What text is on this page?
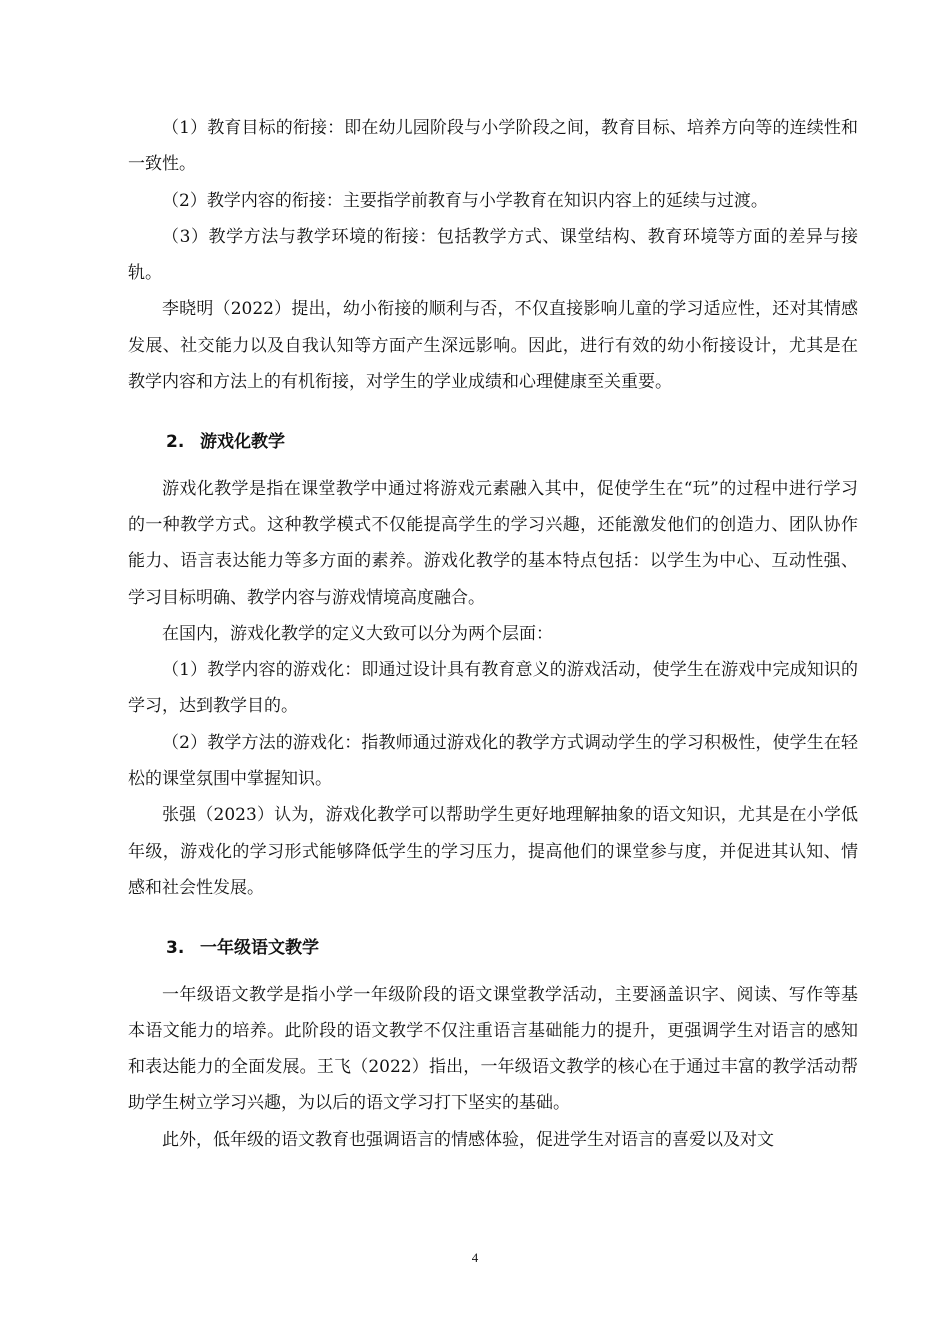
（1）教育目标的衔接：即在幼儿园阶段与小学阶段之间，教育目标、培养方向等的连续性和一致性。

（2）教学内容的衔接：主要指学前教育与小学教育在知识内容上的延续与过渡。

（3）教学方法与教学环境的衔接：包括教学方式、课堂结构、教育环境等方面的差异与接轨。

李晓明（2022）提出，幼小衔接的顺利与否，不仅直接影响儿童的学习适应性，还对其情感发展、社交能力以及自我认知等方面产生深远影响。因此，进行有效的幼小衔接设计，尤其是在教学内容和方法上的有机衔接，对学生的学业成绩和心理健康至关重要。

2. 游戏化教学

游戏化教学是指在课堂教学中通过将游戏元素融入其中，促使学生在“玩”的过程中进行学习的一种教学方式。这种教学模式不仅能提高学生的学习兴趣，还能激发他们的创造力、团队协作能力、语言表达能力等多方面的素养。游戏化教学的基本特点包括：以学生为中心、互动性强、学习目标明确、教学内容与游戏情境高度融合。

在国内，游戏化教学的定义大致可以分为两个层面：

（1）教学内容的游戏化：即通过设计具有教育意义的游戏活动，使学生在游戏中完成知识的学习，达到教学目的。

（2）教学方法的游戏化：指教师通过游戏化的教学方式调动学生的学习积极性，使学生在轻松的课堂氛围中掌握知识。

张强（2023）认为，游戏化教学可以帮助学生更好地理解抽象的语文知识，尤其是在小学低年级，游戏化的学习形式能够降低学生的学习压力，提高他们的课堂参与度，并促进其认知、情感和社会性发展。

3. 一年级语文教学

一年级语文教学是指小学一年级阶段的语文课堂教学活动，主要涵盖识字、阅读、写作等基本语文能力的培养。此阶段的语文教学不仅注重语言基础能力的提升，更强调学生对语言的感知和表达能力的全面发展。王飞（2022）指出，一年级语文教学的核心在于通过丰富的教学活动帮助学生树立学习兴趣，为以后的语文学习打下坚实的基础。

此外，低年级的语文教育也强调语言的情感体验，促进学生对语言的喜爱以及对文

4
